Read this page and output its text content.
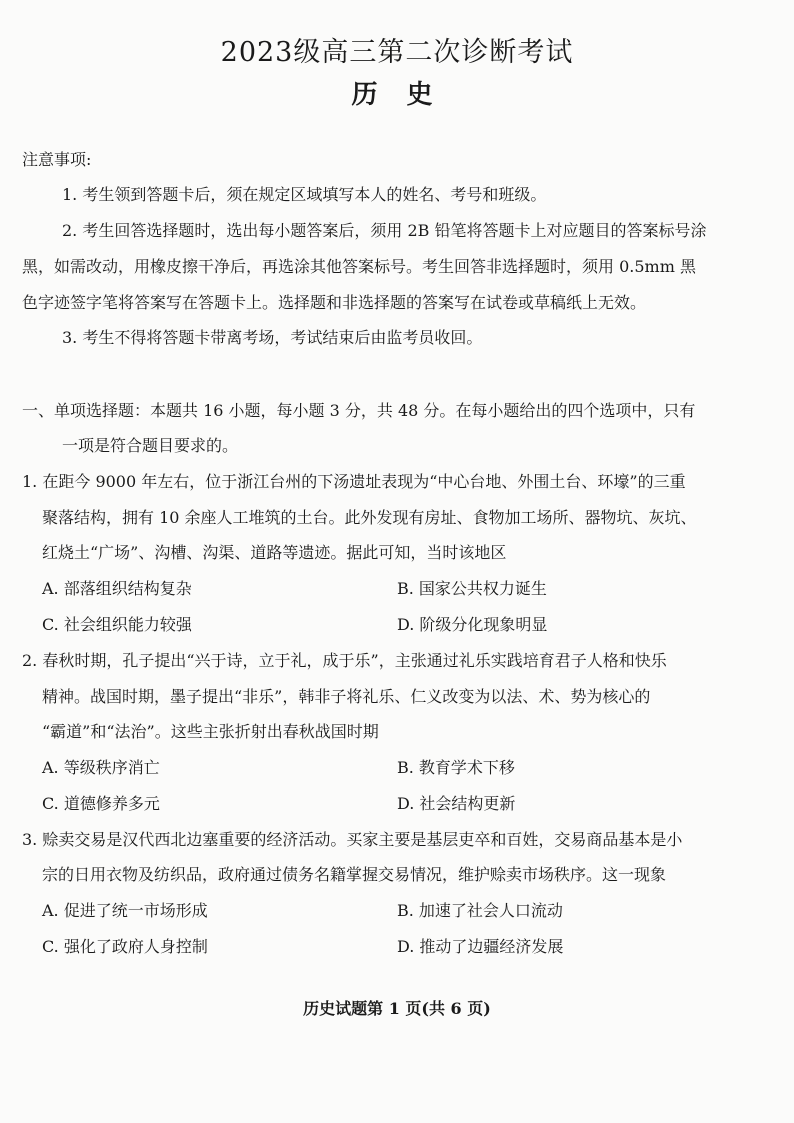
2023级高三第二次诊断考试
历 史
注意事项:
1. 考生领到答题卡后，须在规定区域填写本人的姓名、考号和班级。
2. 考生回答选择题时，选出每小题答案后，须用 2B 铅笔将答题卡上对应题目的答案标号涂
黑，如需改动，用橡皮擦干净后，再选涂其他答案标号。考生回答非选择题时，须用 0.5mm 黑
色字迹签字笔将答案写在答题卡上。选择题和非选择题的答案写在试卷或草稿纸上无效。
3. 考生不得将答题卡带离考场，考试结束后由监考员收回。
一、单项选择题：本题共 16 小题，每小题 3 分，共 48 分。在每小题给出的四个选项中，只有
一项是符合题目要求的。
1. 在距今 9000 年左右，位于浙江台州的下汤遗址表现为“中心台地、外围土台、环壕”的三重
聚落结构，拥有 10 余座人工堆筑的土台。此外发现有房址、食物加工场所、器物坑、灰坑、
红烧土“广场”、沟槽、沟渠、道路等遗迹。据此可知，当时该地区
A. 部落组织结构复杂	B. 国家公共权力诞生
C. 社会组织能力较强	D. 阶级分化现象明显
2. 春秋时期，孔子提出“兴于诗，立于礼，成于乐”，主张通过礼乐实践培育君子人格和快乐
精神。战国时期，墨子提出“非乐”，韩非子将礼乐、仁义改变为以法、术、势为核心的
“霸道”和“法治”。这些主张折射出春秋战国时期
A. 等级秩序消亡	B. 教育学术下移
C. 道德修养多元	D. 社会结构更新
3. 赊卖交易是汉代西北边塞重要的经济活动。买家主要是基层吏卒和百姓，交易商品基本是小
宗的日用衣物及纺织品，政府通过债务名籍掌握交易情况，维护赊卖市场秩序。这一现象
A. 促进了统一市场形成	B. 加速了社会人口流动
C. 强化了政府人身控制	D. 推动了边疆经济发展
历史试题第 1 页(共 6 页)
